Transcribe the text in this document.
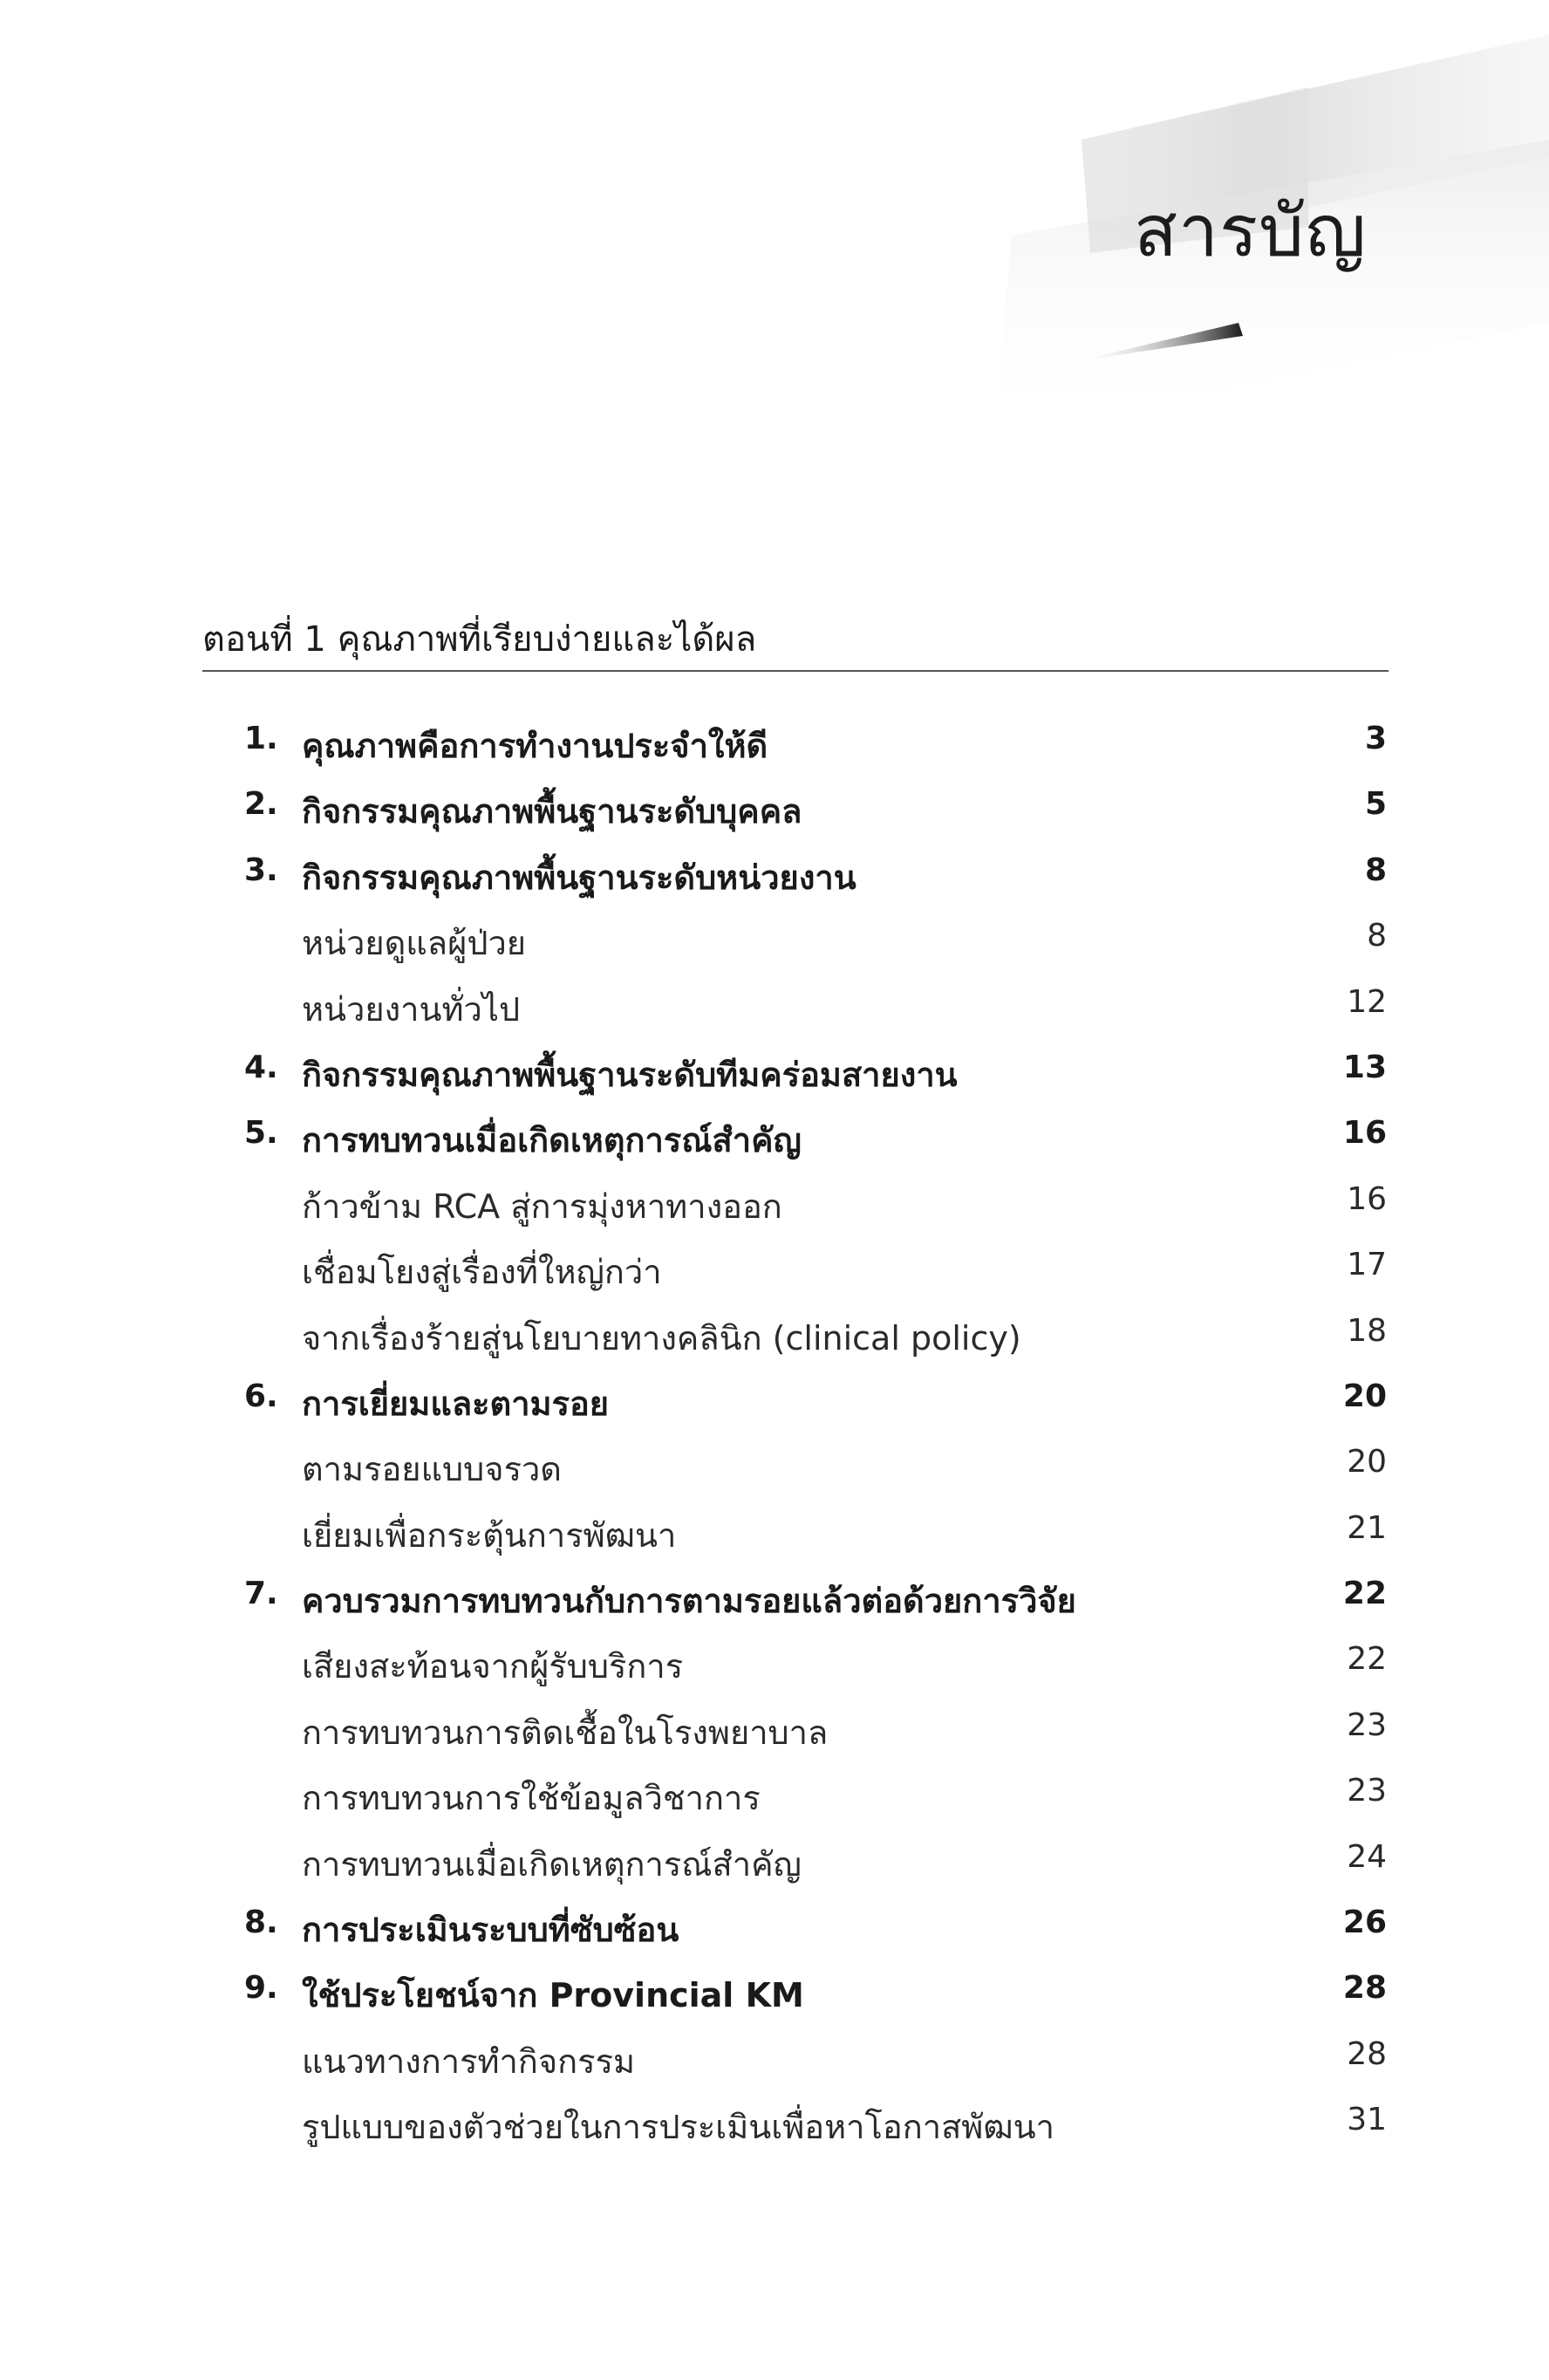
สารบัญ
ตอนที่ 1 คุณภาพที่เรียบง่ายและได้ผล
1. คุณภาพคือการทำงานประจำให้ดี	3
2. กิจกรรมคุณภาพพื้นฐานระดับบุคคล	5
3. กิจกรรมคุณภาพพื้นฐานระดับหน่วยงาน	8
หน่วยดูแลผู้ป่วย	8
หน่วยงานทั่วไป	12
4. กิจกรรมคุณภาพพื้นฐานระดับทีมคร่อมสายงาน	13
5. การทบทวนเมื่อเกิดเหตุการณ์สำคัญ	16
ก้าวข้าม RCA สู่การมุ่งหาทางออก	16
เชื่อมโยงสู่เรื่องที่ใหญ่กว่า	17
จากเรื่องร้ายสู่นโยบายทางคลินิก (clinical policy)	18
6. การเยี่ยมและตามรอย	20
ตามรอยแบบจรวด	20
เยี่ยมเพื่อกระตุ้นการพัฒนา	21
7. ควบรวมการทบทวนกับการตามรอยแล้วต่อด้วยการวิจัย	22
เสียงสะท้อนจากผู้รับบริการ	22
การทบทวนการติดเชื้อในโรงพยาบาล	23
การทบทวนการใช้ข้อมูลวิชาการ	23
การทบทวนเมื่อเกิดเหตุการณ์สำคัญ	24
8. การประเมินระบบที่ซับซ้อน	26
9. ใช้ประโยชน์จาก Provincial KM	28
แนวทางการทำกิจกรรม	28
รูปแบบของตัวช่วยในการประเมินเพื่อหาโอกาสพัฒนา	31
